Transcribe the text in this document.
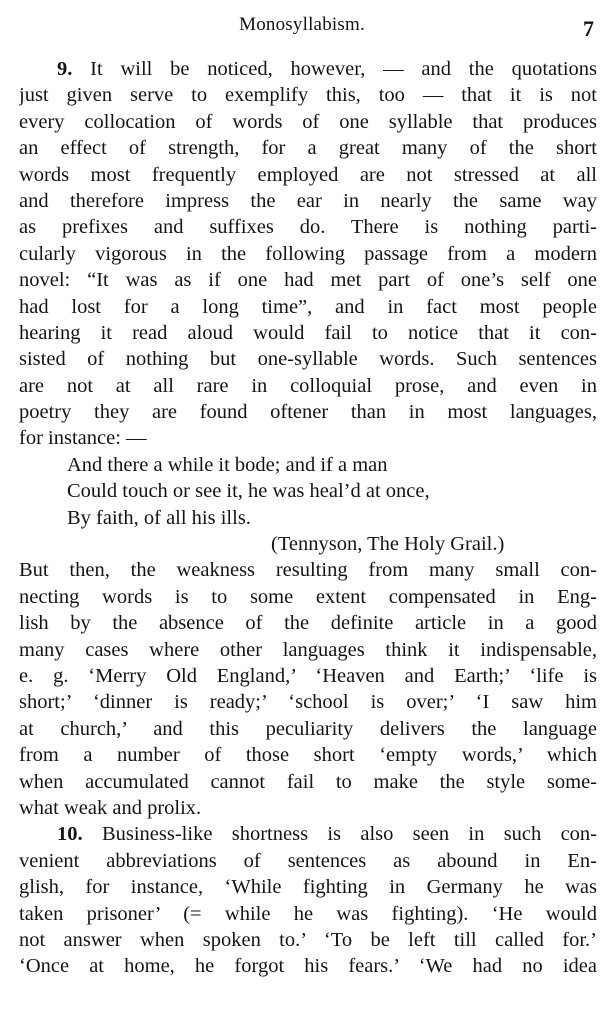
Monosyllabism.	7
9. It will be noticed, however, — and the quotations
just given serve to exemplify this, too — that it is not
every collocation of words of one syllable that produces
an effect of strength, for a great many of the short
words most frequently employed are not stressed at all
and therefore impress the ear in nearly the same way
as prefixes and suffixes do. There is nothing parti-
cularly vigorous in the following passage from a modern
novel: “It was as if one had met part of one’s self one
had lost for a long time”, and in fact most people
hearing it read aloud would fail to notice that it con-
sisted of nothing but one-syllable words. Such sentences
are not at all rare in colloquial prose, and even in
poetry they are found oftener than in most languages,
for instance: —
And there a while it bode; and if a man
Could touch or see it, he was heal’d at once,
By faith, of all his ills.
(Tennyson, The Holy Grail.)
But then, the weakness resulting from many small con-
necting words is to some extent compensated in Eng-
lish by the absence of the definite article in a good
many cases where other languages think it indispensable,
e. g. ‘Merry Old England,’ ‘Heaven and Earth;’ ‘life is
short;’ ‘dinner is ready;’ ‘school is over;’ ‘I saw him
at church,’ and this peculiarity delivers the language
from a number of those short ‘empty words,’ which
when accumulated cannot fail to make the style some-
what weak and prolix.
10. Business-like shortness is also seen in such con-
venient abbreviations of sentences as abound in En-
glish, for instance, ‘While fighting in Germany he was
taken prisoner’ (= while he was fighting). ‘He would
not answer when spoken to.’ ‘To be left till called for.’
‘Once at home, he forgot his fears.’ ‘We had no idea
